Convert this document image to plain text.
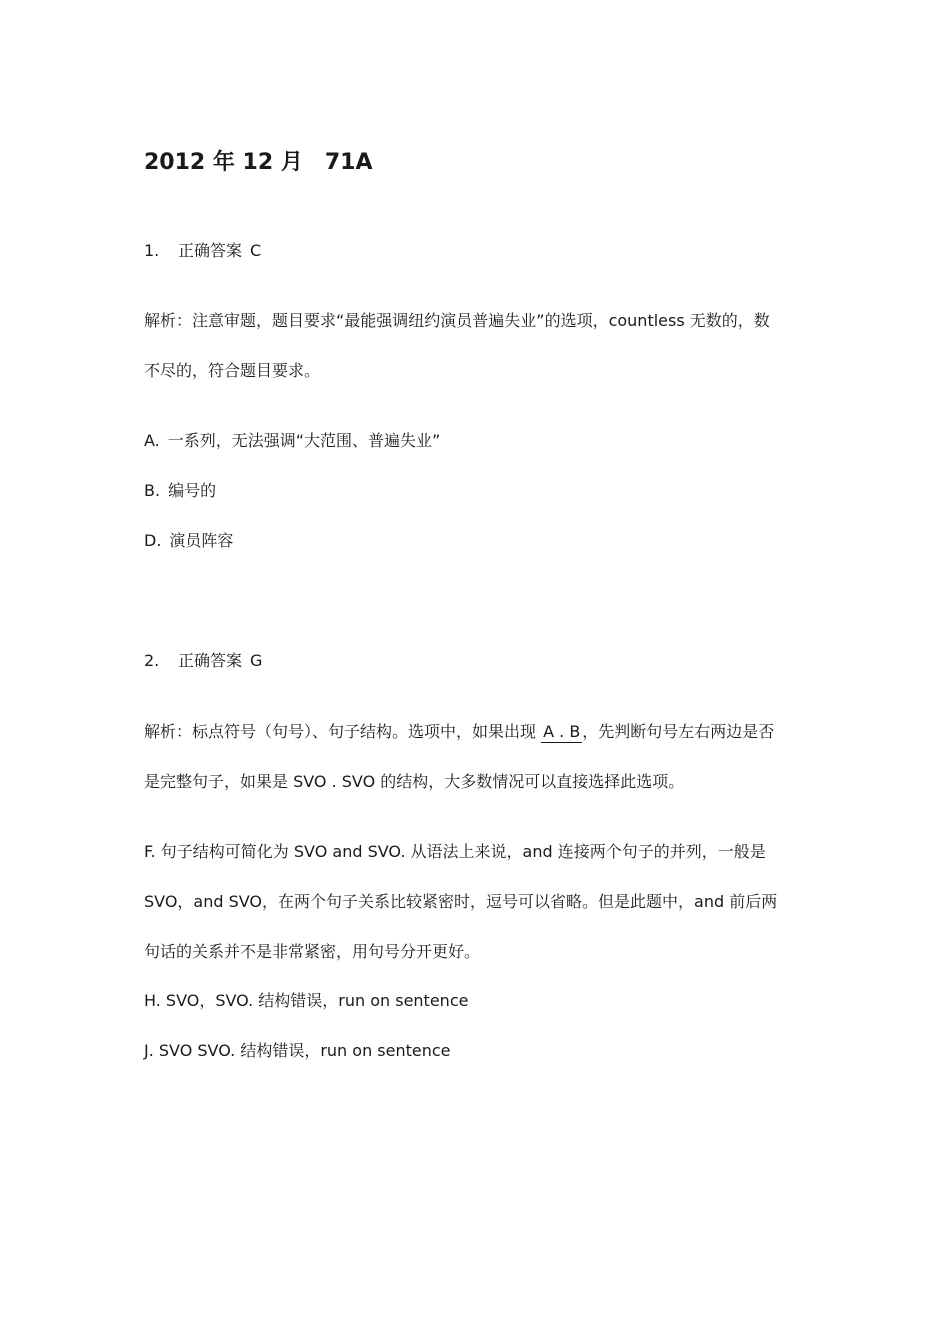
2012 年 12 月 71A
1. 正确答案 C
解析：注意审题，题目要求“最能强调纽约演员普遍失业”的选项，countless 无数的，数
不尽的，符合题目要求。
A. 一系列，无法强调“大范围、普遍失业”
B. 编号的
D. 演员阵容
2. 正确答案 G
解析：标点符号（句号）、句子结构。选项中，如果出现 A . B ，先判断句号左右两边是否
是完整句子，如果是 SVO . SVO 的结构，大多数情况可以直接选择此选项。
F. 句子结构可简化为 SVO and SVO. 从语法上来说，and 连接两个句子的并列，一般是
SVO，and SVO，在两个句子关系比较紧密时，逗号可以省略。但是此题中，and 前后两
句话的关系并不是非常紧密，用句号分开更好。
H. SVO，SVO. 结构错误，run on sentence
J. SVO SVO. 结构错误，run on sentence
